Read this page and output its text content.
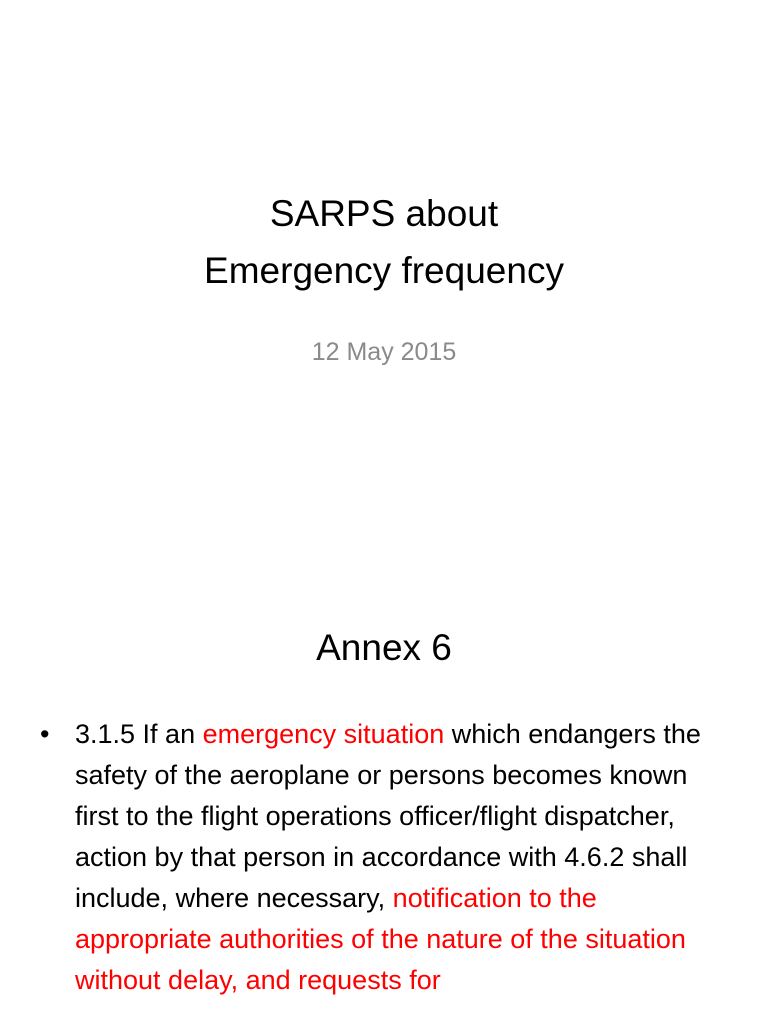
SARPS about
Emergency frequency
12 May 2015
Annex 6
• 3.1.5 If an emergency situation which endangers the safety of the aeroplane or persons becomes known first to the flight operations officer/flight dispatcher, action by that person in accordance with 4.6.2 shall include, where necessary, notification to the appropriate authorities of the nature of the situation without delay, and requests for
